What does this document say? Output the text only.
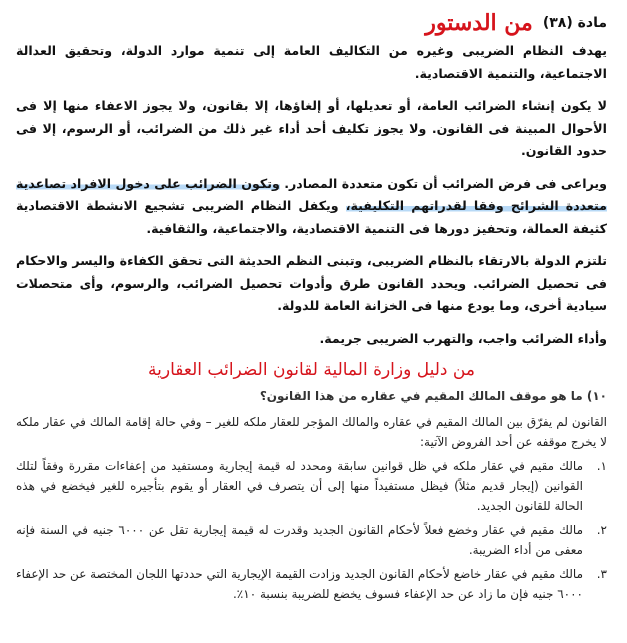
مادة (٣٨)
من الدستور

يهدف النظام الضريبى وغيره من التكاليف العامة إلى تنمية موارد الدولة، وتحقيق العدالة الاجتماعية، والتنمية الاقتصادية.

لا يكون إنشاء الضرائب العامة، أو تعديلها، أو إلغاؤها، إلا بقانون، ولا يجوز الاعفاء منها إلا فى الأحوال المبينة فى القانون. ولا يجوز تكليف أحد أداء غير ذلك من الضرائب، أو الرسوم، إلا فى حدود القانون.

ويراعى فى فرض الضرائب أن تكون متعددة المصادر. وتكون الضرائب على دخول الافراد تصاعدية متعددة الشرائح وفقا لقدراتهم التكليفية، ويكفل النظام الضريبى تشجيع الانشطة الاقتصادية كثيفة العمالة، وتحفيز دورها فى التنمية الاقتصادية، والاجتماعية، والثقافية.

تلتزم الدولة بالارتقاء بالنظام الضريبى، وتبنى النظم الحديثة التى تحقق الكفاءة واليسر والاحكام فى تحصيل الضرائب. ويحدد القانون طرق وأدوات تحصيل الضرائب، والرسوم، وأى متحصلات سيادية أخرى، وما يودع منها فى الخزانة العامة للدولة.

وأداء الضرائب واجب، والتهرب الضريبى جريمة.

من دليل وزارة المالية لقانون الضرائب العقارية

١٠) ما هو موقف المالك المقيم في عقاره من هذا القانون؟

القانون لم يفرّق بين المالك المقيم في عقاره والمالك المؤجر للعقار ملكه للغير – وفي حالة إقامة المالك في عقار ملكه لا يخرج موقفه عن أحد الفروض الآتية:

١.
مالك مقيم في عقار ملكه في ظل قوانين سابقة ومحدد له قيمة إيجارية ومستفيد من إعفاءات مقررة وفقاً لتلك القوانين (إيجار قديم مثلاً) فيظل مستفيداً منها إلى أن يتصرف في العقار أو يقوم بتأجيره للغير فيخضع في هذه الحالة للقانون الجديد.
٢.
مالك مقيم في عقار وخضع فعلاً لأحكام القانون الجديد وقدرت له قيمة إيجارية تقل عن ٦٠٠٠ جنيه في السنة فإنه معفى من أداء الضريبة.
٣.
مالك مقيم في عقار خاضع لأحكام القانون الجديد وزادت القيمة الإيجارية التي حددتها اللجان المختصة عن حد الإعفاء ٦٠٠٠ جنيه فإن ما زاد عن حد الإعفاء فسوف يخضع للضريبة بنسبة ١٠٪.
